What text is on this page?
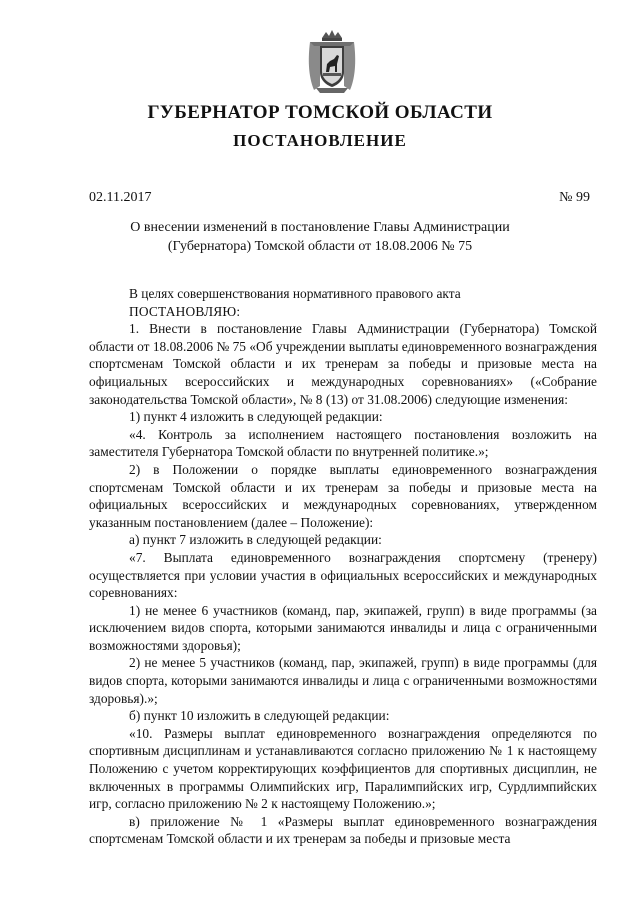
ГУБЕРНАТОР ТОМСКОЙ ОБЛАСТИ
ПОСТАНОВЛЕНИЕ
02.11.2017	№ 99
О внесении изменений в постановление Главы Администрации
(Губернатора) Томской области от 18.08.2006 № 75

В целях совершенствования нормативного правового акта

ПОСТАНОВЛЯЮ:

1. Внести в постановление Главы Администрации (Губернатора) Томской области от 18.08.2006 № 75 «Об учреждении выплаты единовременного вознаграждения спортсменам Томской области и их тренерам за победы и призовые места на официальных всероссийских и международных соревнованиях» («Собрание законодательства Томской области», № 8 (13) от 31.08.2006) следующие изменения:

1) пункт 4 изложить в следующей редакции:

«4. Контроль за исполнением настоящего постановления возложить на заместителя Губернатора Томской области по внутренней политике.»;

2) в Положении о порядке выплаты единовременного вознаграждения спортсменам Томской области и их тренерам за победы и призовые места на официальных всероссийских и международных соревнованиях, утвержденном указанным постановлением (далее – Положение):

а) пункт 7 изложить в следующей редакции:

«7. Выплата единовременного вознаграждения спортсмену (тренеру) осуществляется при условии участия в официальных всероссийских и международных соревнованиях:

1) не менее 6 участников (команд, пар, экипажей, групп) в виде программы (за исключением видов спорта, которыми занимаются инвалиды и лица с ограниченными возможностями здоровья);

2) не менее 5 участников (команд, пар, экипажей, групп) в виде программы (для видов спорта, которыми занимаются инвалиды и лица с ограниченными возможностями здоровья).»;

б) пункт 10 изложить в следующей редакции:

«10. Размеры выплат единовременного вознаграждения определяются по спортивным дисциплинам и устанавливаются согласно приложению № 1 к настоящему Положению с учетом корректирующих коэффициентов для спортивных дисциплин, не включенных в программы Олимпийских игр, Паралимпийских игр, Сурдлимпийских игр, согласно приложению № 2 к настоящему Положению.»;

в) приложение № 1 «Размеры выплат единовременного вознаграждения спортсменам Томской области и их тренерам за победы и призовые места
